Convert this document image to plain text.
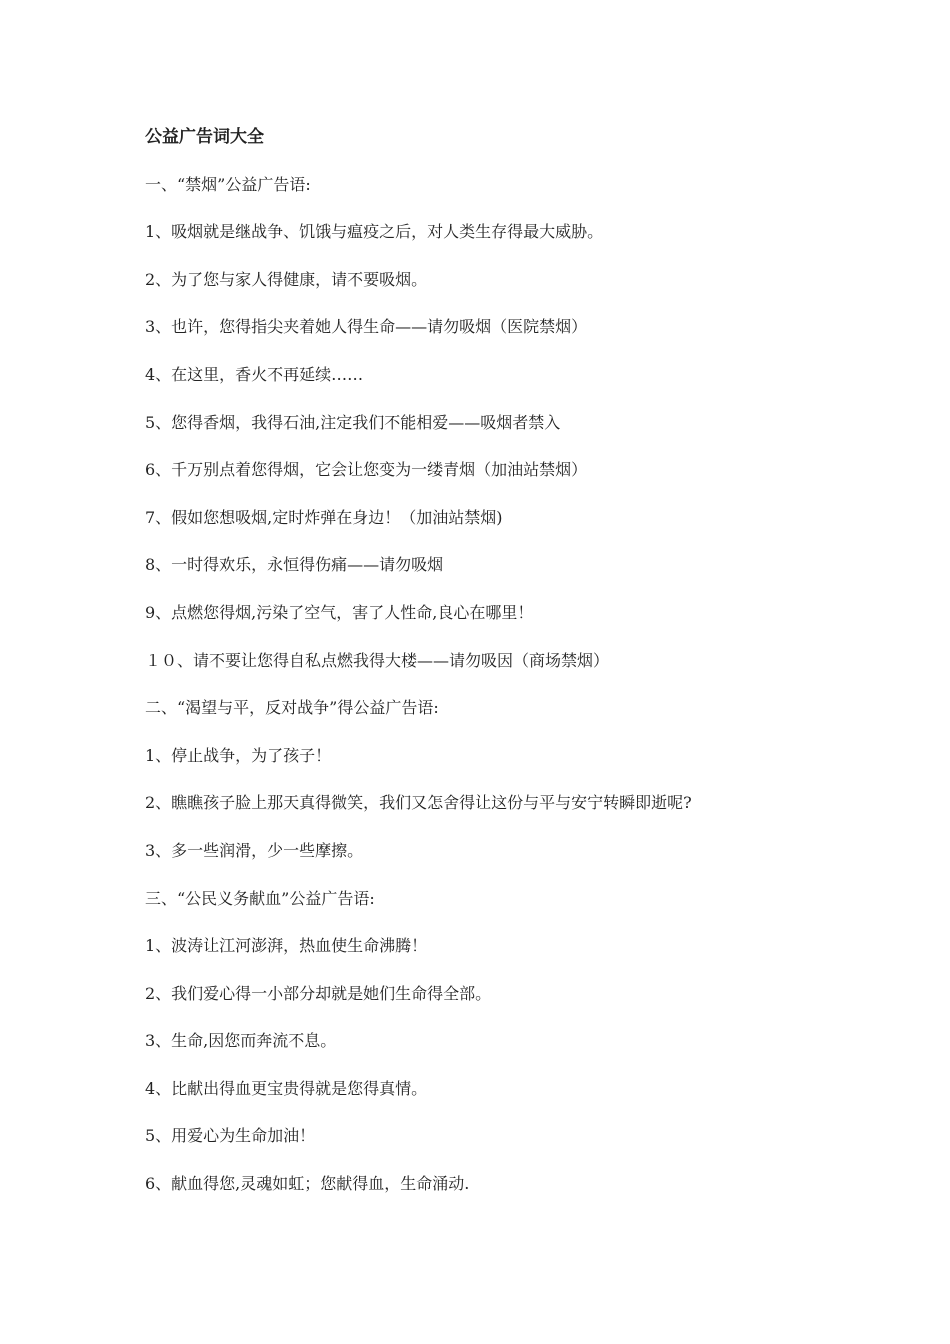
公益广告词大全
一、“禁烟”公益广告语:
1、吸烟就是继战争、饥饿与瘟疫之后，对人类生存得最大威胁。
2、为了您与家人得健康，请不要吸烟。
3、也许，您得指尖夹着她人得生命——请勿吸烟（医院禁烟）
4、在这里，香火不再延续……
5、您得香烟，我得石油,注定我们不能相爱——吸烟者禁入
6、千万别点着您得烟，它会让您变为一缕青烟（加油站禁烟）
7、假如您想吸烟,定时炸弹在身边！（加油站禁烟)
8、一时得欢乐，永恒得伤痛——请勿吸烟
9、点燃您得烟,污染了空气，害了人性命,良心在哪里！
１０、请不要让您得自私点燃我得大楼——请勿吸因（商场禁烟）
二、“渴望与平，反对战争”得公益广告语:
1、停止战争，为了孩子！
2、瞧瞧孩子脸上那天真得微笑，我们又怎舍得让这份与平与安宁转瞬即逝呢?
3、多一些润滑，少一些摩擦。
三、“公民义务献血”公益广告语:
1、波涛让江河澎湃，热血使生命沸腾！
2、我们爱心得一小部分却就是她们生命得全部。
3、生命,因您而奔流不息。
4、比献出得血更宝贵得就是您得真情。
5、用爱心为生命加油！
6、献血得您,灵魂如虹；您献得血，生命涌动.
